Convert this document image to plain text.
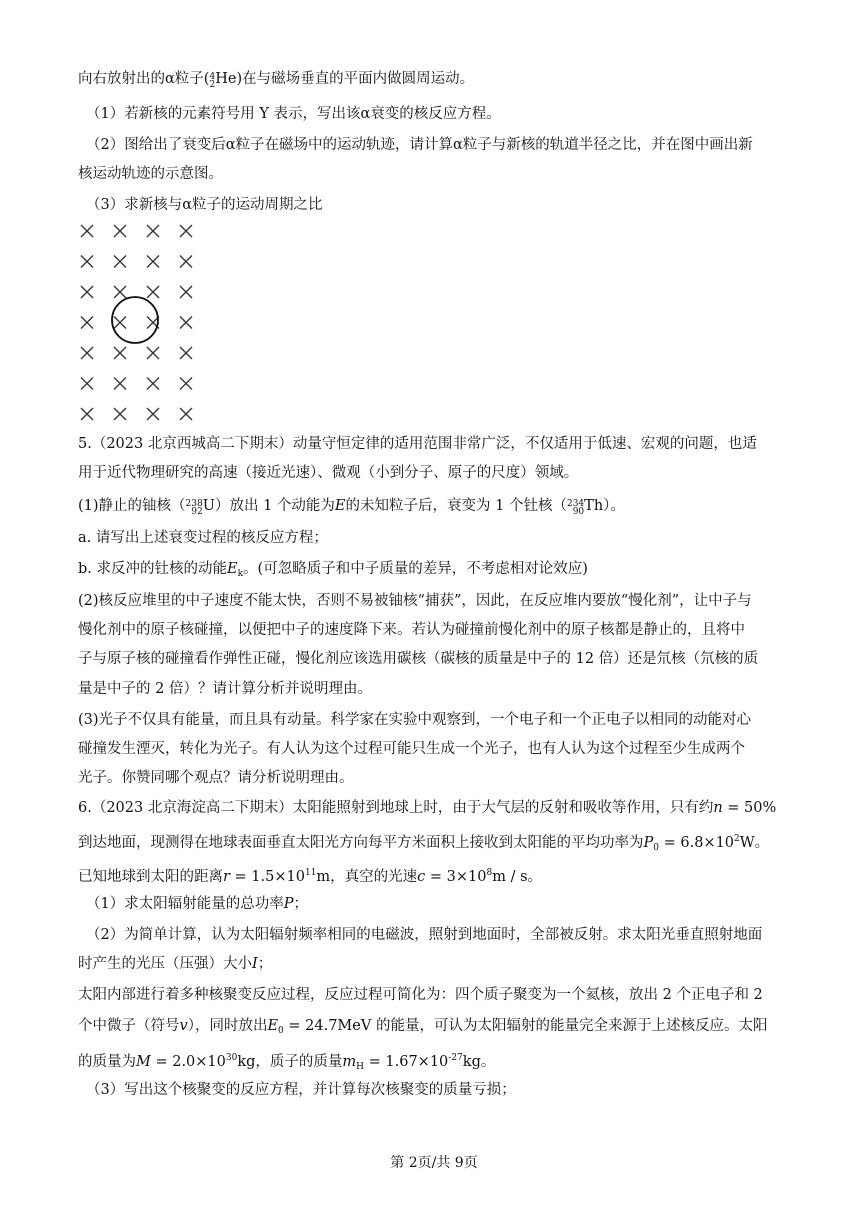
向右放射出的α粒子(4
2He)在与磁场垂直的平面内做圆周运动。
（1）若新核的元素符号用 Y 表示，写出该α衰变的核反应方程。
（2）图给出了衰变后α粒子在磁场中的运动轨迹，请计算α粒子与新核的轨道半径之比，并在图中画出新
核运动轨迹的示意图。
（3）求新核与α粒子的运动周期之比
5.（2023 北京西城高二下期末）动量守恒定律的适用范围非常广泛，不仅适用于低速、宏观的问题，也适
用于近代物理研究的高速（接近光速）、微观（小到分子、原子的尺度）领域。
(1)静止的铀核（238
92U）放出 1 个动能为E的未知粒子后，衰变为 1 个钍核（234
90Th）。
a. 请写出上述衰变过程的核反应方程；
b. 求反冲的钍核的动能$E_k$。(可忽略质子和中子质量的差异，不考虑相对论效应)
(2)核反应堆里的中子速度不能太快，否则不易被铀核“捕获”，因此，在反应堆内要放“慢化剂”，让中子与
慢化剂中的原子核碰撞，以便把中子的速度降下来。若认为碰撞前慢化剂中的原子核都是静止的，且将中
子与原子核的碰撞看作弹性正碰，慢化剂应该选用碳核（碳核的质量是中子的 12 倍）还是氘核（氘核的质
量是中子的 2 倍）？请计算分析并说明理由。
(3)光子不仅具有能量，而且具有动量。科学家在实验中观察到，一个电子和一个正电子以相同的动能对心
碰撞发生湮灭，转化为光子。有人认为这个过程可能只生成一个光子，也有人认为这个过程至少生成两个
光子。你赞同哪个观点？请分析说明理由。
6.（2023 北京海淀高二下期末）太阳能照射到地球上时，由于大气层的反射和吸收等作用，只有约n = 50%
到达地面，现测得在地球表面垂直太阳光方向每平方米面积上接收到太阳能的平均功率为$P_0 = 6.8\times 10^2W$。
已知地球到太阳的距离$r = 1.5\times 10^{11}m$，真空的光速$c = 3\times 10^8m / s$。
（1）求太阳辐射能量的总功率P；
（2）为简单计算，认为太阳辐射频率相同的电磁波，照射到地面时，全部被反射。求太阳光垂直照射地面
时产生的光压（压强）大小I；
太阳内部进行着多种核聚变反应过程，反应过程可简化为：四个质子聚变为一个氦核，放出 2 个正电子和 2
个中微子（符号v），同时放出$E_0 = 24.7MeV$ 的能量，可认为太阳辐射的能量完全来源于上述核反应。太阳
的质量为$M = 2.0\times 10^{30}kg$，质子的质量$m_H = 1.67\times 10^{-27}kg$。
（3）写出这个核聚变的反应方程，并计算每次核聚变的质量亏损；
第 2页/共 9页
